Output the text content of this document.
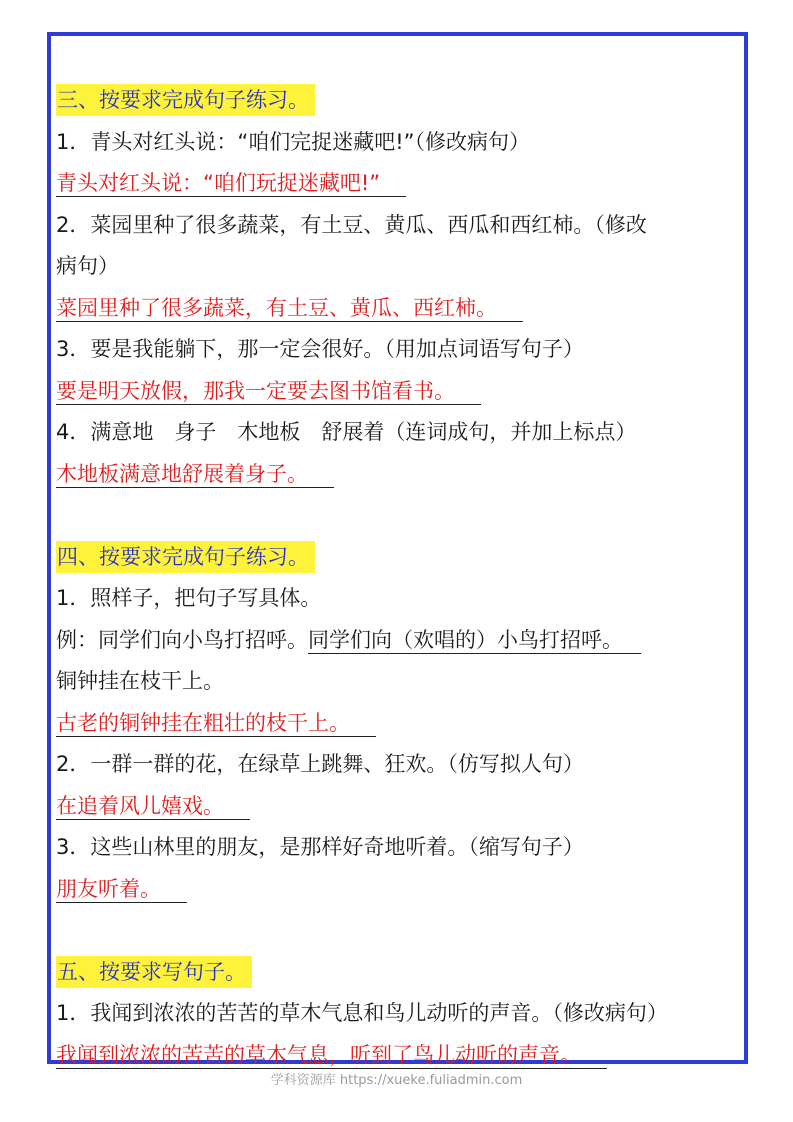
三、按要求完成句子练习。
1．青头对红头说：“咱们完捉迷藏吧!”（修改病句）
青头对红头说：“咱们玩捉迷藏吧!”
2．菜园里种了很多蔬菜，有土豆、黄瓜、西瓜和西红柿。（修改
病句）
菜园里种了很多蔬菜，有土豆、黄瓜、西红柿。
3．要是我能躺下，那一定会很好。（用加点词语写句子）
要是明天放假，那我一定要去图书馆看书。
4．满意地　身子　木地板　舒展着（连词成句，并加上标点）
木地板满意地舒展着身子。
四、按要求完成句子练习。
1．照样子，把句子写具体。
例：同学们向小鸟打招呼。同学们向（欢唱的）小鸟打招呼。
铜钟挂在枝干上。
古老的铜钟挂在粗壮的枝干上。
2．一群一群的花，在绿草上跳舞、狂欢。（仿写拟人句）
在追着风儿嬉戏。
3．这些山林里的朋友，是那样好奇地听着。（缩写句子）
朋友听着。
五、按要求写句子。
1．我闻到浓浓的苦苦的草木气息和鸟儿动听的声音。（修改病句）
我闻到浓浓的苦苦的草木气息，听到了鸟儿动听的声音。
学科资源库 https://xueke.fuliadmin.com
